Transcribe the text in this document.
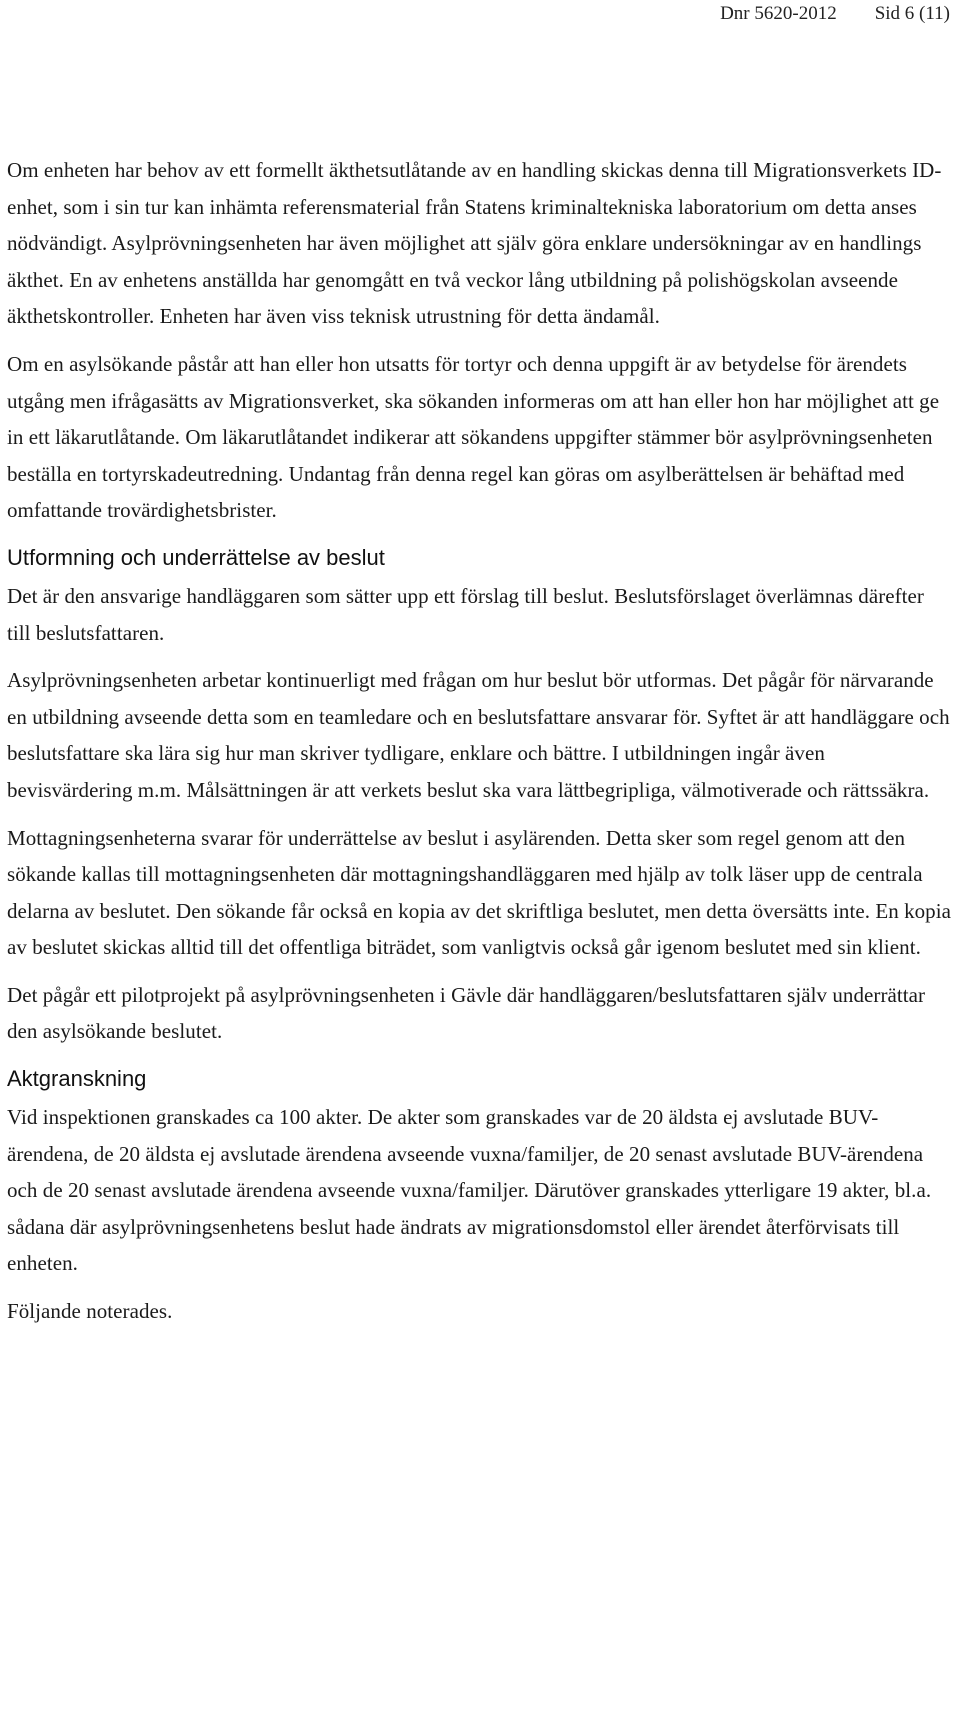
Dnr 5620-2012 Sid 6 (11)

Om enheten har behov av ett formellt äkthetsutlåtande av en handling skickas denna till Migrationsverkets ID-enhet, som i sin tur kan inhämta referensmaterial från Statens kriminaltekniska laboratorium om detta anses nödvändigt. Asylprövningsenheten har även möjlighet att själv göra enklare undersökningar av en handlings äkthet. En av enhetens anställda har genomgått en två veckor lång utbildning på polishögskolan avseende äkthetskontroller. Enheten har även viss teknisk utrustning för detta ändamål.

Om en asylsökande påstår att han eller hon utsatts för tortyr och denna uppgift är av betydelse för ärendets utgång men ifrågasätts av Migrationsverket, ska sökanden informeras om att han eller hon har möjlighet att ge in ett läkarutlåtande. Om läkarutlåtandet indikerar att sökandens uppgifter stämmer bör asylprövningsenheten beställa en tortyrskadeutredning. Undantag från denna regel kan göras om asylberättelsen är behäftad med omfattande trovärdighetsbrister.

Utformning och underrättelse av beslut

Det är den ansvarige handläggaren som sätter upp ett förslag till beslut. Beslutsförslaget överlämnas därefter till beslutsfattaren.

Asylprövningsenheten arbetar kontinuerligt med frågan om hur beslut bör utformas. Det pågår för närvarande en utbildning avseende detta som en teamledare och en beslutsfattare ansvarar för. Syftet är att handläggare och beslutsfattare ska lära sig hur man skriver tydligare, enklare och bättre. I utbildningen ingår även bevisvärdering m.m. Målsättningen är att verkets beslut ska vara lättbegripliga, välmotiverade och rättssäkra.

Mottagningsenheterna svarar för underrättelse av beslut i asylärenden. Detta sker som regel genom att den sökande kallas till mottagningsenheten där mottagningshandläggaren med hjälp av tolk läser upp de centrala delarna av beslutet. Den sökande får också en kopia av det skriftliga beslutet, men detta översätts inte. En kopia av beslutet skickas alltid till det offentliga biträdet, som vanligtvis också går igenom beslutet med sin klient.

Det pågår ett pilotprojekt på asylprövningsenheten i Gävle där handläggaren/beslutsfattaren själv underrättar den asylsökande beslutet.

Aktgranskning

Vid inspektionen granskades ca 100 akter. De akter som granskades var de 20 äldsta ej avslutade BUV-ärendena, de 20 äldsta ej avslutade ärendena avseende vuxna/familjer, de 20 senast avslutade BUV-ärendena och de 20 senast avslutade ärendena avseende vuxna/familjer. Därutöver granskades ytterligare 19 akter, bl.a. sådana där asylprövningsenhetens beslut hade ändrats av migrationsdomstol eller ärendet återförvisats till enheten.

Följande noterades.
